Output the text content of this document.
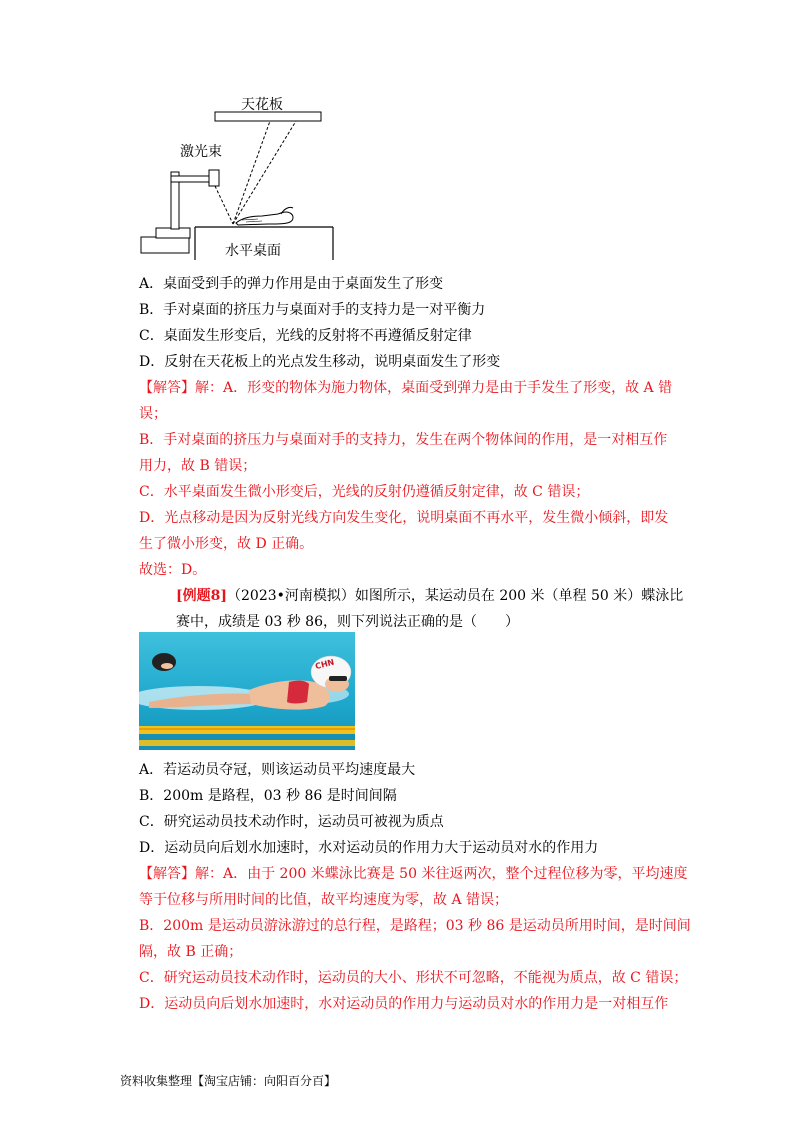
天花板
激光束
水平桌面
A．桌面受到手的弹力作用是由于桌面发生了形变
B．手对桌面的挤压力与桌面对手的支持力是一对平衡力
C．桌面发生形变后，光线的反射将不再遵循反射定律
D．反射在天花板上的光点发生移动，说明桌面发生了形变
【解答】解：A．形变的物体为施力物体，桌面受到弹力是由于手发生了形变，故 A 错
误；
B．手对桌面的挤压力与桌面对手的支持力，发生在两个物体间的作用，是一对相互作
用力，故 B 错误；
C．水平桌面发生微小形变后，光线的反射仍遵循反射定律，故 C 错误；
D．光点移动是因为反射光线方向发生变化，说明桌面不再水平，发生微小倾斜，即发
生了微小形变，故 D 正确。
故选：D。
[例题8]（2023•河南模拟）如图所示，某运动员在 200 米（单程 50 米）蝶泳比
赛中，成绩是 03 秒 86，则下列说法正确的是（　　）
CHN
A．若运动员夺冠，则该运动员平均速度最大
B．200m 是路程，03 秒 86 是时间间隔
C．研究运动员技术动作时，运动员可被视为质点
D．运动员向后划水加速时，水对运动员的作用力大于运动员对水的作用力
【解答】解：A．由于 200 米蝶泳比赛是 50 米往返两次，整个过程位移为零，平均速度
等于位移与所用时间的比值，故平均速度为零，故 A 错误；
B．200m 是运动员游泳游过的总行程，是路程；03 秒 86 是运动员所用时间，是时间间
隔，故 B 正确；
C．研究运动员技术动作时，运动员的大小、形状不可忽略，不能视为质点，故 C 错误；
D．运动员向后划水加速时，水对运动员的作用力与运动员对水的作用力是一对相互作
资料收集整理【淘宝店铺：向阳百分百】
